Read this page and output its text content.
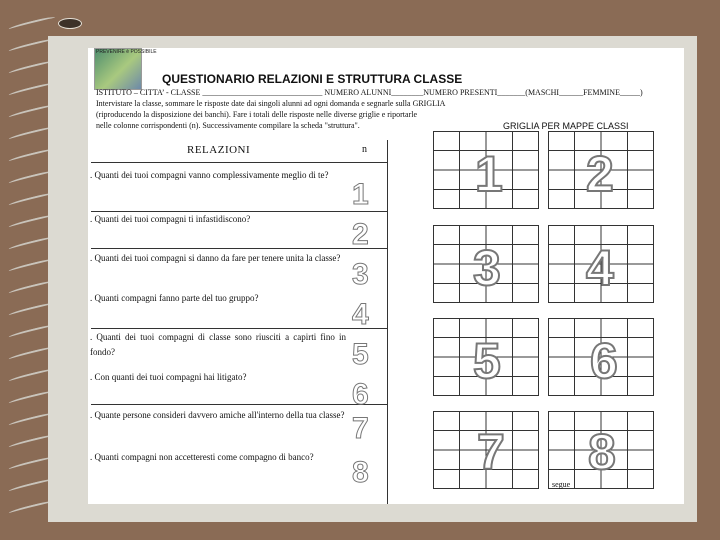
PREVENIRE è POSSIBILE
QUESTIONARIO RELAZIONI E STRUTTURA CLASSE
ISTITUTO – CITTA’ - CLASSE ______________________________ NUMERO ALUNNI________NUMERO PRESENTI_______(MASCHI______FEMMINE_____)
Intervistare la classe, sommare le risposte date dai singoli alunni ad ogni domanda e segnarle sulla GRIGLIA
(riproducendo la disposizione dei banchi). Fare i totali delle risposte nelle diverse griglie e riportarle
nelle colonne corrispondenti (n). Successivamente compilare la scheda "struttura".	GRIGLIA PER MAPPE CLASSI
RELAZIONI	n
. Quanti dei tuoi compagni vanno complessivamente meglio di te?
. Quanti dei tuoi compagni ti infastidiscono?
. Quanti dei tuoi compagni si danno da fare per tenere unita la classe?
. Quanti compagni fanno parte del tuo gruppo?
. Quanti dei tuoi compagni di classe sono riusciti a capirti fino in fondo?
. Con quanti dei tuoi compagni hai litigato?
. Quante persone consideri davvero amiche all'interno della tua classe?
. Quanti compagni non accetteresti come compagno di banco?
1
2
3
4
5
6
7
8
1 2
3 4
5 6
7 8
segue
